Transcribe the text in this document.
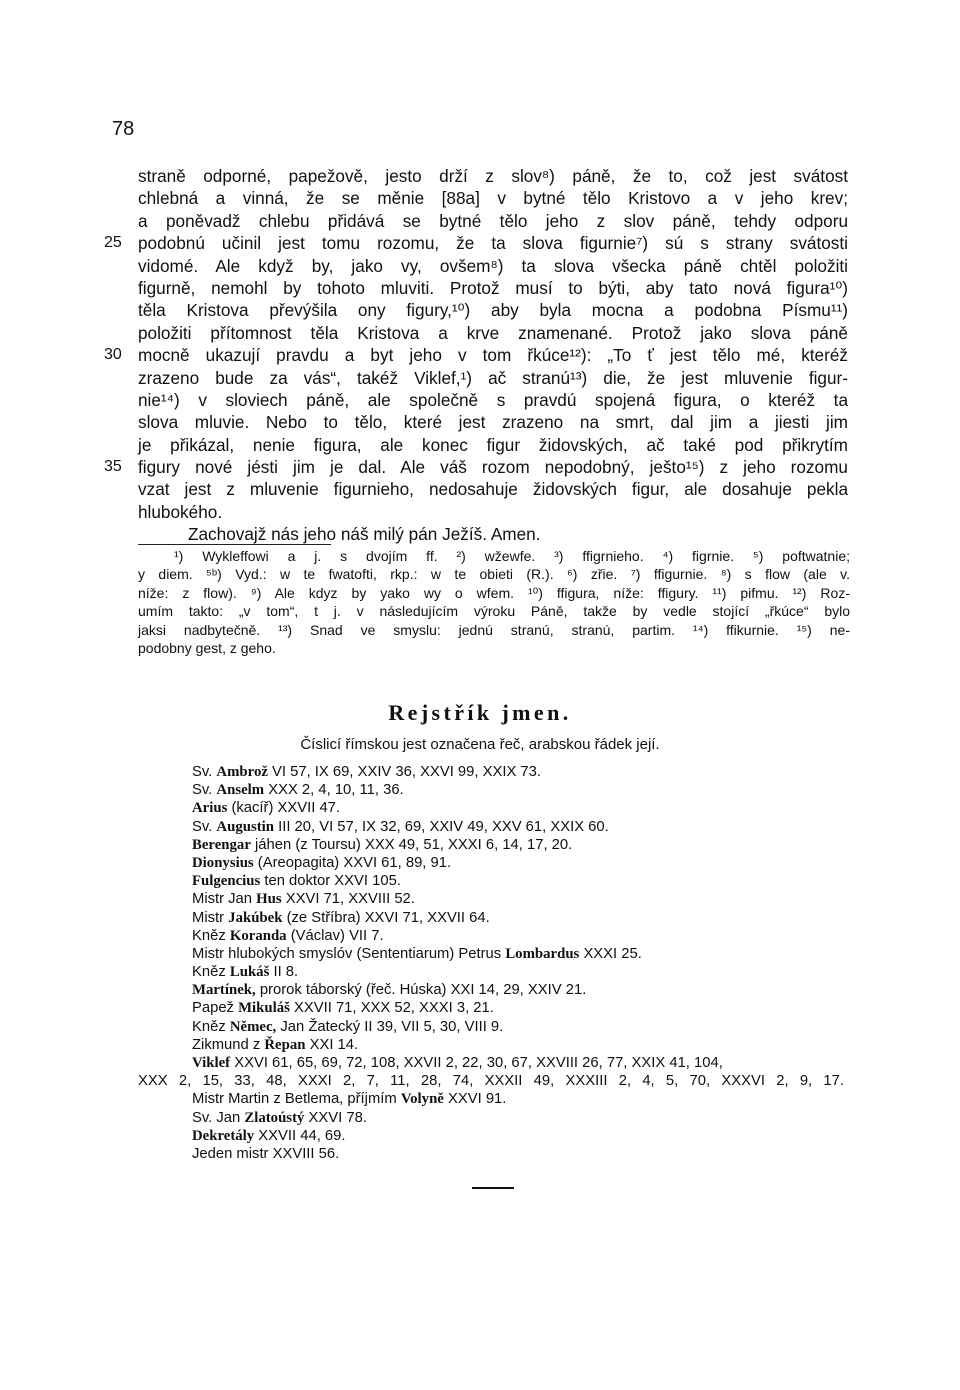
78
straně odporné, papežově, jesto drží z slov⁸) páně, že to, což jest svátost
chlebná a vinná, že se měnie [88a] v bytné tělo Kristovo a v jeho krev;
a poněvadž chlebu přidává se bytné tělo jeho z slov páně, tehdy odporu
25 podobnú učinil jest tomu rozomu, že ta slova figurnie⁷) sú s strany svátosti
vidomé. Ale když by, jako vy, ovšem⁸) ta slova všecka páně chtěl položiti
figurně, nemohl by tohoto mluviti. Protož musí to býti, aby tato nová figura¹⁰)
těla Kristova převýšila ony figury,¹⁰) aby byla mocna a podobna Písmu¹¹)
položiti přítomnost těla Kristova a krve znamenané. Protož jako slova páně
30 mocně ukazují pravdu a byt jeho v tom řkúce¹²): „To ť jest tělo mé, kteréž
zrazeno bude za vás“, takéž Viklef,¹) ač stranú¹³) die, že jest mluvenie figur-
nie¹⁴) v sloviech páně, ale společně s pravdú spojená figura, o kteréž ta
slova mluvie. Nebo to tělo, které jest zrazeno na smrt, dal jim a jiesti jim
je přikázal, nenie figura, ale konec figur židovských, ač také pod přikrytím
35 figury nové jésti jim je dal. Ale váš rozom nepodobný, ješto¹⁵) z jeho rozomu
vzat jest z mluvenie figurnieho, nedosahuje židovských figur, ale dosahuje pekla
hlubokého.
Zachovajž nás jeho náš milý pán Ježíš. Amen.
¹) Wykleffowi a j. s dvojím ff. ²) wžewfe. ³) ffigrnieho. ⁴) figrnie. ⁵) poftwatnie;
y diem. ⁵ᵇ) Vyd.: w te fwatofti, rkp.: w te obieti (R.). ⁶) zřie. ⁷) ffigurnie. ⁸) s flow (ale v.
níže: z flow). ⁹) Ale kdyz by yako wy o wfem. ¹⁰) ffigura, níže: ffigury. ¹¹) pifmu. ¹²) Roz-
umím takto: „v tom“, t j. v následujícím výroku Páně, takže by vedle stojící „řkúce“ bylo
jaksi nadbytečně. ¹³) Snad ve smyslu: jednú stranú, stranú, partim. ¹⁴) ffikurnie. ¹⁵) ne-
podobny gest, z geho.
Rejstřík jmen.
Číslicí římskou jest označena řeč, arabskou řádek její.
Sv. Ambrož VI 57, IX 69, XXIV 36, XXVI 99, XXIX 73.
Sv. Anselm XXX 2, 4, 10, 11, 36.
Arius (kacíř) XXVII 47.
Sv. Augustin III 20, VI 57, IX 32, 69, XXIV 49, XXV 61, XXIX 60.
Berengar jáhen (z Toursu) XXX 49, 51, XXXI 6, 14, 17, 20.
Dionysius (Areopagita) XXVI 61, 89, 91.
Fulgencius ten doktor XXVI 105.
Mistr Jan Hus XXVI 71, XXVIII 52.
Mistr Jakúbek (ze Stříbra) XXVI 71, XXVII 64.
Kněz Koranda (Václav) VII 7.
Mistr hlubokých smyslóv (Sententiarum) Petrus Lombardus XXXI 25.
Kněz Lukáš II 8.
Martínek, prorok táborský (řeč. Húska) XXI 14, 29, XXIV 21.
Papež Mikuláš XXVII 71, XXX 52, XXXI 3, 21.
Kněz Němec, Jan Žatecký II 39, VII 5, 30, VIII 9.
Zikmund z Řepan XXI 14.
Viklef XXVI 61, 65, 69, 72, 108, XXVII 2, 22, 30, 67, XXVIII 26, 77, XXIX 41, 104,
XXX 2, 15, 33, 48, XXXI 2, 7, 11, 28, 74, XXXII 49, XXXIII 2, 4, 5, 70, XXXVI 2, 9, 17.
Mistr Martin z Betlema, příjmím Volyně XXVI 91.
Sv. Jan Zlatoústý XXVI 78.
Dekretály XXVII 44, 69.
Jeden mistr XXVIII 56.
